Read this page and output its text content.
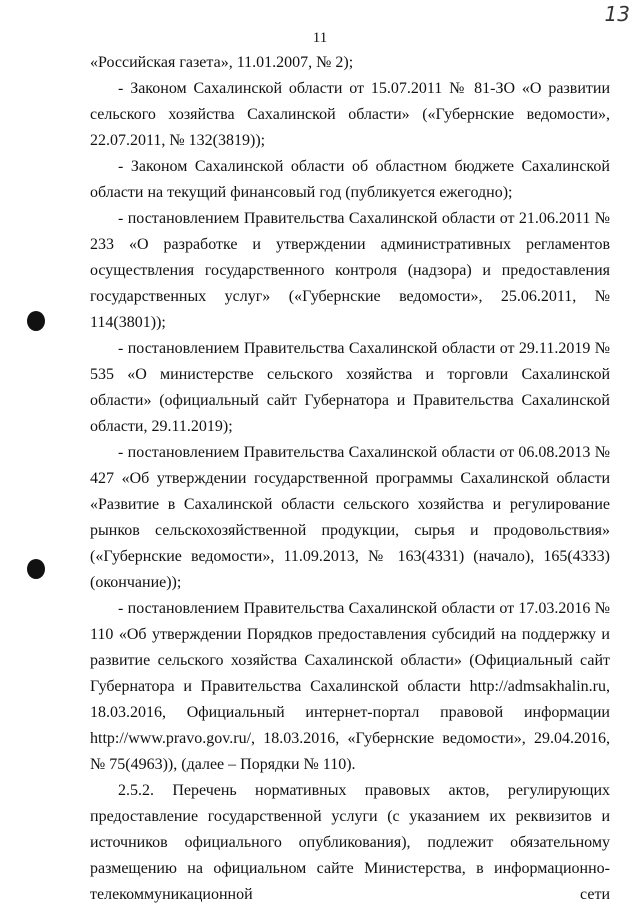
13

11

«Российская газета», 11.01.2007, № 2);

- Законом Сахалинской области от 15.07.2011 № 81-ЗО «О развитии сельского хозяйства Сахалинской области» («Губернские ведомости», 22.07.2011, № 132(3819));

- Законом Сахалинской области об областном бюджете Сахалинской области на текущий финансовый год (публикуется ежегодно);

- постановлением Правительства Сахалинской области от 21.06.2011 № 233 «О разработке и утверждении административных регламентов осуществления государственного контроля (надзора) и предоставления государственных услуг» («Губернские ведомости», 25.06.2011, № 114(3801));

- постановлением Правительства Сахалинской области от 29.11.2019 № 535 «О министерстве сельского хозяйства и торговли Сахалинской области» (официальный сайт Губернатора и Правительства Сахалинской области, 29.11.2019);

- постановлением Правительства Сахалинской области от 06.08.2013 № 427 «Об утверждении государственной программы Сахалинской области «Развитие в Сахалинской области сельского хозяйства и регулирование рынков сельскохозяйственной продукции, сырья и продовольствия» («Губернские ведомости», 11.09.2013, № 163(4331) (начало), 165(4333) (окончание));

- постановлением Правительства Сахалинской области от 17.03.2016 № 110 «Об утверждении Порядков предоставления субсидий на поддержку и развитие сельского хозяйства Сахалинской области» (Официальный сайт Губернатора и Правительства Сахалинской области http://admsakhalin.ru, 18.03.2016, Официальный интернет-портал правовой информации http://www.pravo.gov.ru/, 18.03.2016, «Губернские ведомости», 29.04.2016, № 75(4963)), (далее – Порядки № 110).

2.5.2. Перечень нормативных правовых актов, регулирующих предоставление государственной услуги (с указанием их реквизитов и источников официального опубликования), подлежит обязательному размещению на официальном сайте Министерства, в информационно-телекоммуникационной сети
